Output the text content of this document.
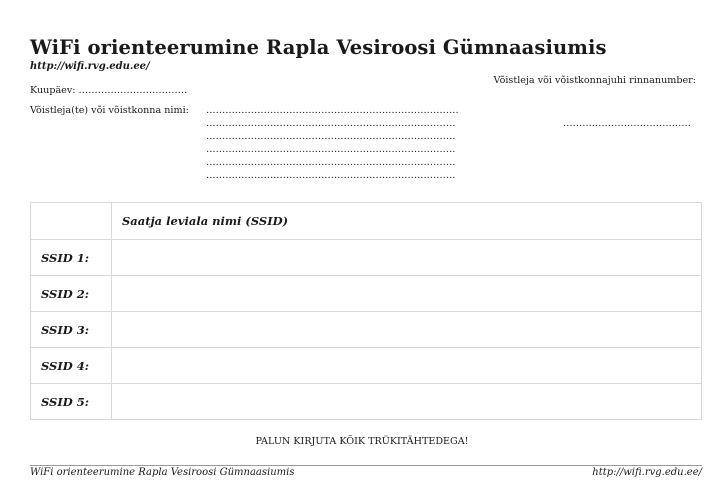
WiFi orienteerumine Rapla Vesiroosi Gümnaasiumis
http://wifi.rvg.edu.ee/
Võistleja või võistkonnajuhi rinnanumber:
………………………………….
Kuupäev: …………………………….
Võistleja(te) või võistkonna nimi: …………………………………………………………………….
……………………………………………………………………
……………………………………………………………………
……………………………………………………………………
……………………………………………………………………
……………………………………………………………………
	Saatja leviala nimi (SSID)
SSID 1:	
SSID 2:	
SSID 3:	
SSID 4:	
SSID 5:	
PALUN KIRJUTA KÕIK TRÜKITÄHTEDEGA!
WiFi orienteerumine Rapla Vesiroosi Gümnaasiumis	http://wifi.rvg.edu.ee/
